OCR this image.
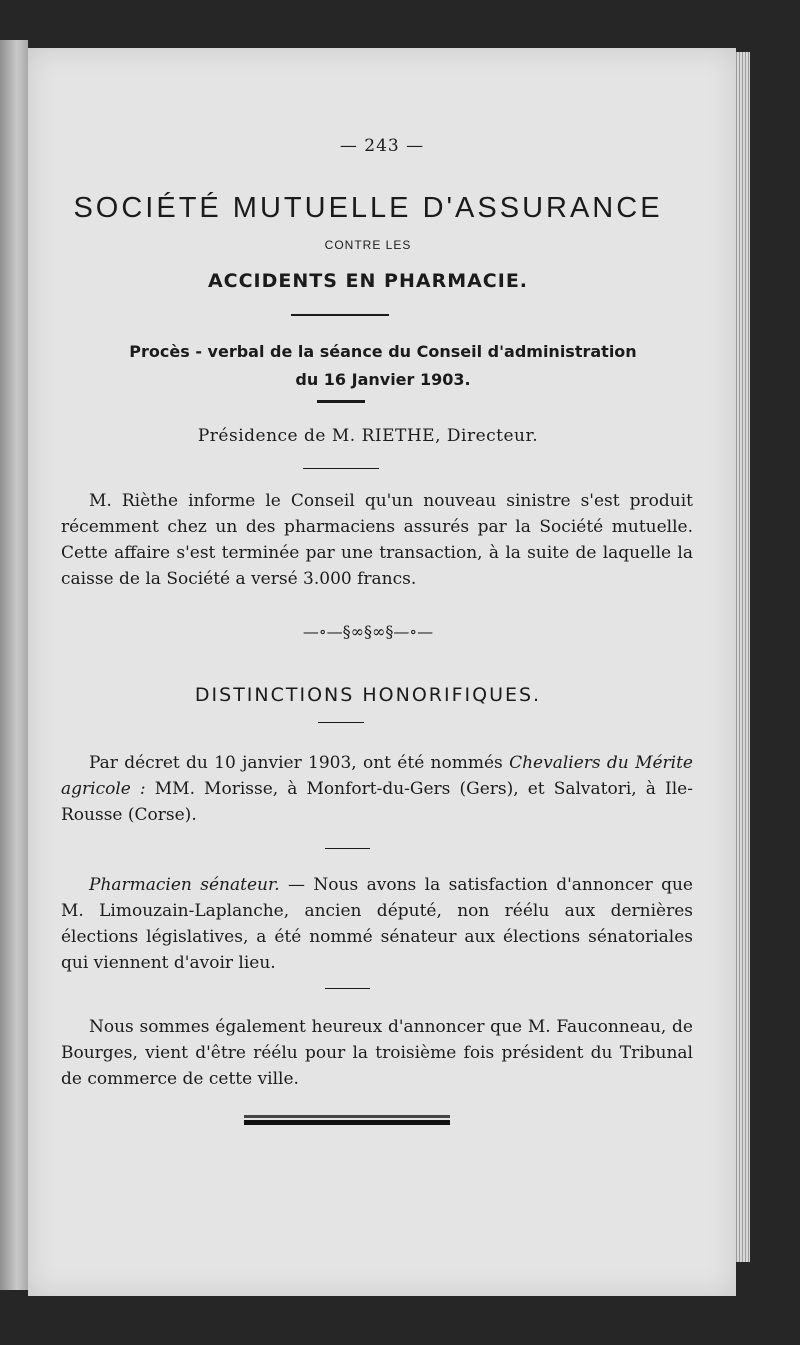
— 243 —
SOCIÉTÉ MUTUELLE D'ASSURANCE
CONTRE LES
ACCIDENTS EN PHARMACIE.
Procès - verbal de la séance du Conseil d'administration
du 16 Janvier 1903.
Présidence de M. RIETHE, Directeur.

M. Rièthe informe le Conseil qu'un nouveau sinistre s'est produit récemment chez un des pharmaciens assurés par la Société mutuelle. Cette affaire s'est terminée par une transaction, à la suite de laquelle la caisse de la Société a versé 3.000 francs.

—∘—§∞§∞§—∘—
DISTINCTIONS HONORIFIQUES.

Par décret du 10 janvier 1903, ont été nommés Chevaliers du Mérite agricole : MM. Morisse, à Monfort-du-Gers (Gers), et Salvatori, à Ile-Rousse (Corse).

Pharmacien sénateur. — Nous avons la satisfaction d'annoncer que M. Limouzain-Laplanche, ancien député, non réélu aux dernières élections législatives, a été nommé sénateur aux élections sénatoriales qui viennent d'avoir lieu.

Nous sommes également heureux d'annoncer que M. Fauconneau, de Bourges, vient d'être réélu pour la troisième fois président du Tribunal de commerce de cette ville.
